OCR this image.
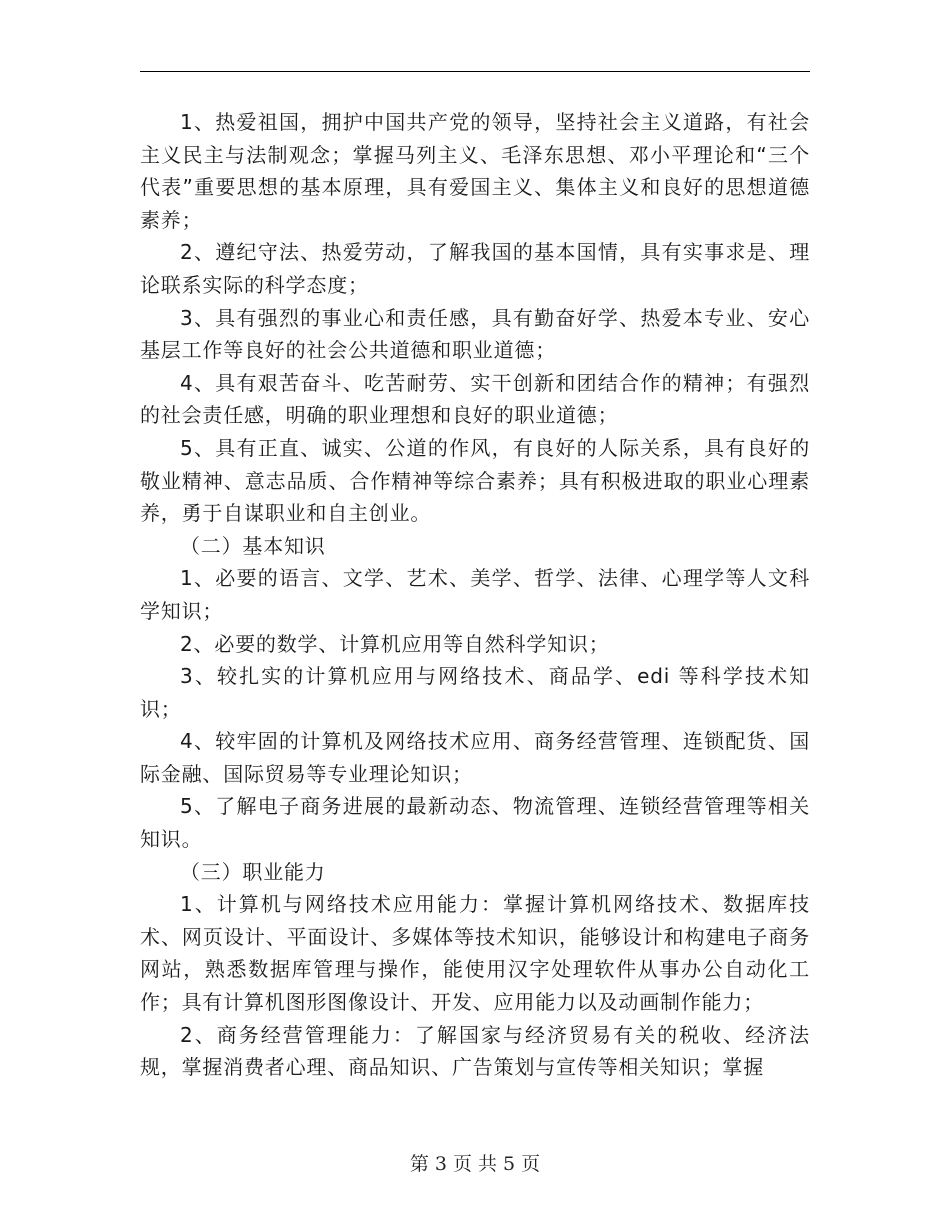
1、热爱祖国，拥护中国共产党的领导，坚持社会主义道路，有社会主义民主与法制观念；掌握马列主义、毛泽东思想、邓小平理论和“三个代表”重要思想的基本原理，具有爱国主义、集体主义和良好的思想道德素养；

2、遵纪守法、热爱劳动，了解我国的基本国情，具有实事求是、理论联系实际的科学态度；

3、具有强烈的事业心和责任感，具有勤奋好学、热爱本专业、安心基层工作等良好的社会公共道德和职业道德；

4、具有艰苦奋斗、吃苦耐劳、实干创新和团结合作的精神；有强烈的社会责任感，明确的职业理想和良好的职业道德；

5、具有正直、诚实、公道的作风，有良好的人际关系，具有良好的敬业精神、意志品质、合作精神等综合素养；具有积极进取的职业心理素养，勇于自谋职业和自主创业。

（二）基本知识

1、必要的语言、文学、艺术、美学、哲学、法律、心理学等人文科学知识；

2、必要的数学、计算机应用等自然科学知识；

3、较扎实的计算机应用与网络技术、商品学、edi 等科学技术知识；

4、较牢固的计算机及网络技术应用、商务经营管理、连锁配货、国际金融、国际贸易等专业理论知识；

5、了解电子商务进展的最新动态、物流管理、连锁经营管理等相关知识。

（三）职业能力

1、计算机与网络技术应用能力：掌握计算机网络技术、数据库技术、网页设计、平面设计、多媒体等技术知识，能够设计和构建电子商务网站，熟悉数据库管理与操作，能使用汉字处理软件从事办公自动化工作；具有计算机图形图像设计、开发、应用能力以及动画制作能力；

2、商务经营管理能力：了解国家与经济贸易有关的税收、经济法规，掌握消费者心理、商品知识、广告策划与宣传等相关知识；掌握

第 3 页 共 5 页
